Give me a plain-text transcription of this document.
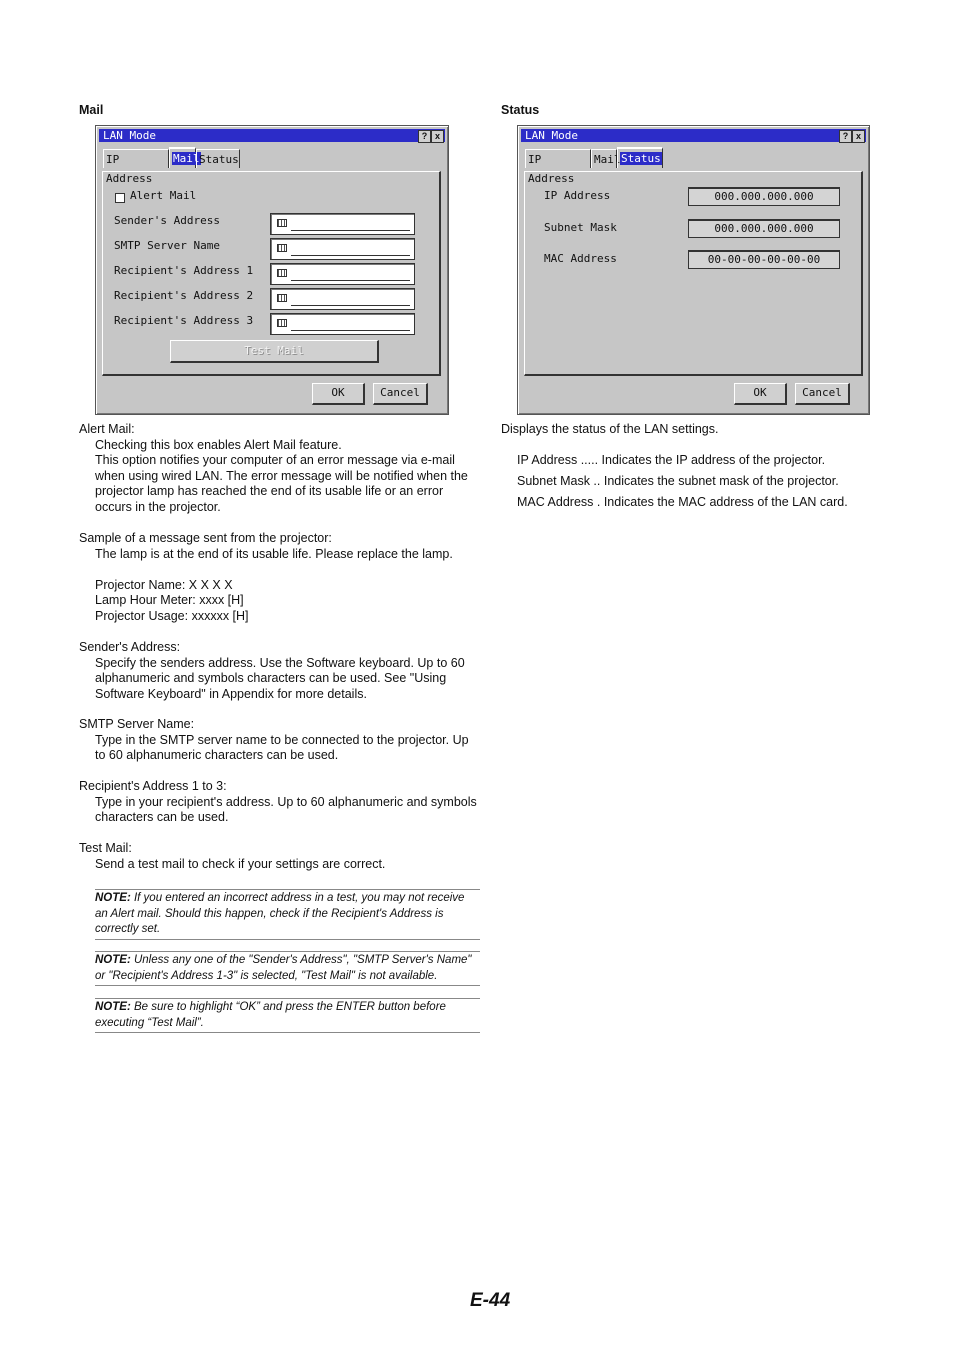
Mail
LAN Mode	? x
IP Address
Mail Status
Alert Mail
Sender's Address
SMTP Server Name
Recipient's Address 1
Recipient's Address 2
Recipient's Address 3
Test Mail
OK	Cancel
Alert Mail:
Checking this box enables Alert Mail feature.
This option notifies your computer of an error message via e-mail when using wired LAN. The error message will be notified when the projector lamp has reached the end of its usable life or an error occurs in the projector.
Sample of a message sent from the projector:
The lamp is at the end of its usable life. Please replace the lamp.
Projector Name: X X X X
Lamp Hour Meter: xxxx [H]
Projector Usage: xxxxxx [H]
Sender's Address:
Specify the senders address. Use the Software keyboard. Up to 60 alphanumeric and symbols characters can be used. See "Using Software Keyboard" in Appendix for more details.
SMTP Server Name:
Type in the SMTP server name to be connected to the projector. Up to 60 alphanumeric characters can be used.
Recipient's Address 1 to 3:
Type in your recipient's address. Up to 60 alphanumeric and symbols characters can be used.
Test Mail:
Send a test mail to check if your settings are correct.
NOTE: If you entered an incorrect address in a test, you may not receive an Alert mail. Should this happen, check if the Recipient's Address is correctly set.
NOTE: Unless any one of the "Sender's Address", "SMTP Server's Name" or "Recipient's Address 1-3" is selected, "Test Mail" is not available.
NOTE: Be sure to highlight “OK” and press the ENTER button before executing “Test Mail”.
Status
LAN Mode	? x
IP Address
Mail Status
IP Address	000.000.000.000
Subnet Mask	000.000.000.000
MAC Address	00-00-00-00-00-00
OK	Cancel
Displays the status of the LAN settings.
IP Address ..... Indicates the IP address of the projector.
Subnet Mask .. Indicates the subnet mask of the projector.
MAC Address . Indicates the MAC address of the LAN card.
E-44
